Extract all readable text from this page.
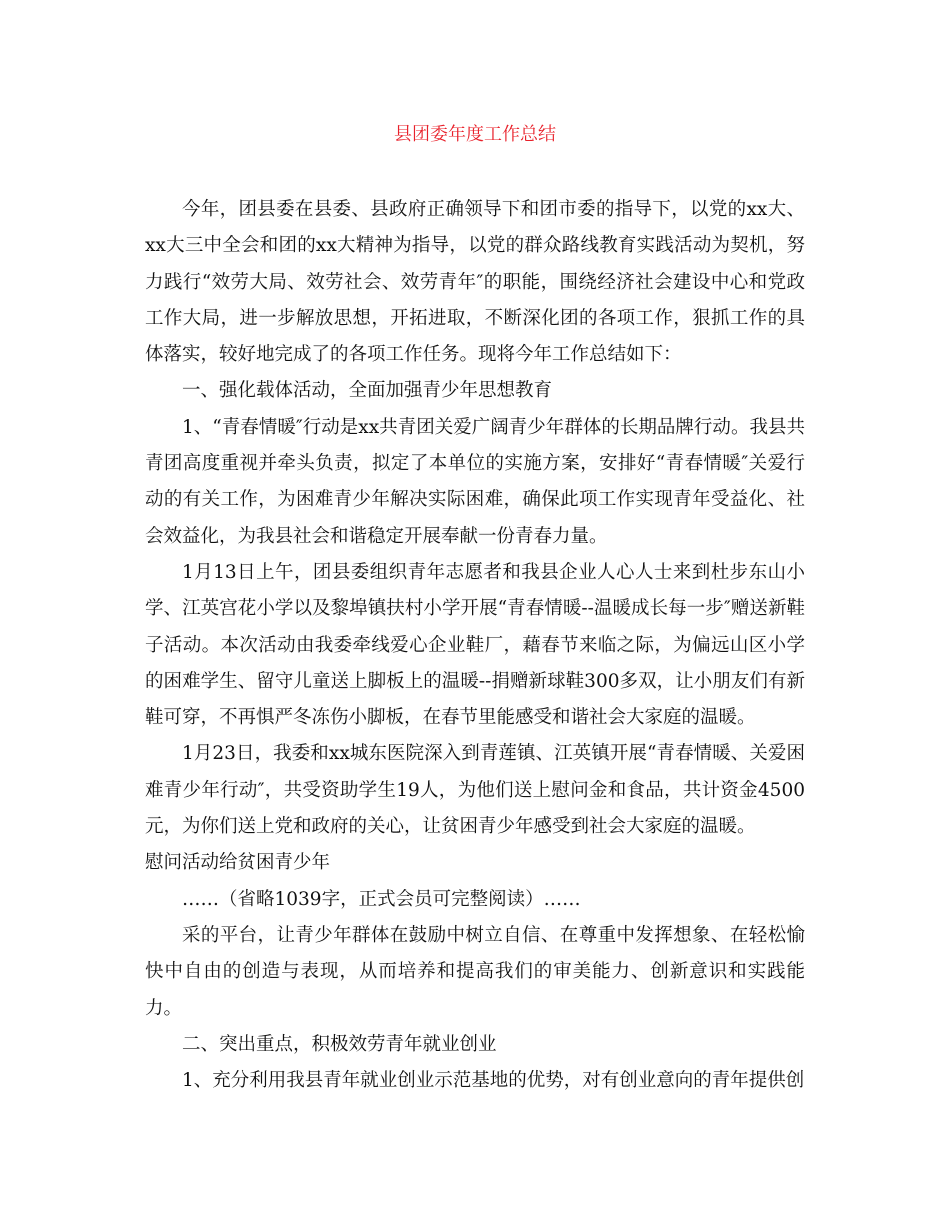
县团委年度工作总结

今年，团县委在县委、县政府正确领导下和团市委的指导下，以党的xx大、xx大三中全会和团的xx大精神为指导，以党的群众路线教育实践活动为契机，努力践行“效劳大局、效劳社会、效劳青年″的职能，围绕经济社会建设中心和党政工作大局，进一步解放思想，开拓进取，不断深化团的各项工作，狠抓工作的具体落实，较好地完成了的各项工作任务。现将今年工作总结如下：

一、强化载体活动，全面加强青少年思想教育

1、“青春情暖″行动是xx共青团关爱广阔青少年群体的长期品牌行动。我县共青团高度重视并牵头负责，拟定了本单位的实施方案，安排好“青春情暖″关爱行动的有关工作，为困难青少年解决实际困难，确保此项工作实现青年受益化、社会效益化，为我县社会和谐稳定开展奉献一份青春力量。

1月13日上午，团县委组织青年志愿者和我县企业人心人士来到杜步东山小学、江英宫花小学以及黎埠镇扶村小学开展“青春情暖--温暖成长每一步″赠送新鞋子活动。本次活动由我委牵线爱心企业鞋厂，藉春节来临之际，为偏远山区小学的困难学生、留守儿童送上脚板上的温暖--捐赠新球鞋300多双，让小朋友们有新鞋可穿，不再惧严冬冻伤小脚板，在春节里能感受和谐社会大家庭的温暖。

1月23日，我委和xx城东医院深入到青莲镇、江英镇开展“青春情暖、关爱困难青少年行动″，共受资助学生19人，为他们送上慰问金和食品，共计资金4500元，为你们送上党和政府的关心，让贫困青少年感受到社会大家庭的温暖。

慰问活动给贫困青少年

……（省略1039字，正式会员可完整阅读）……

采的平台，让青少年群体在鼓励中树立自信、在尊重中发挥想象、在轻松愉快中自由的创造与表现，从而培养和提高我们的审美能力、创新意识和实践能力。

二、突出重点，积极效劳青年就业创业

1、充分利用我县青年就业创业示范基地的优势，对有创业意向的青年提供创
